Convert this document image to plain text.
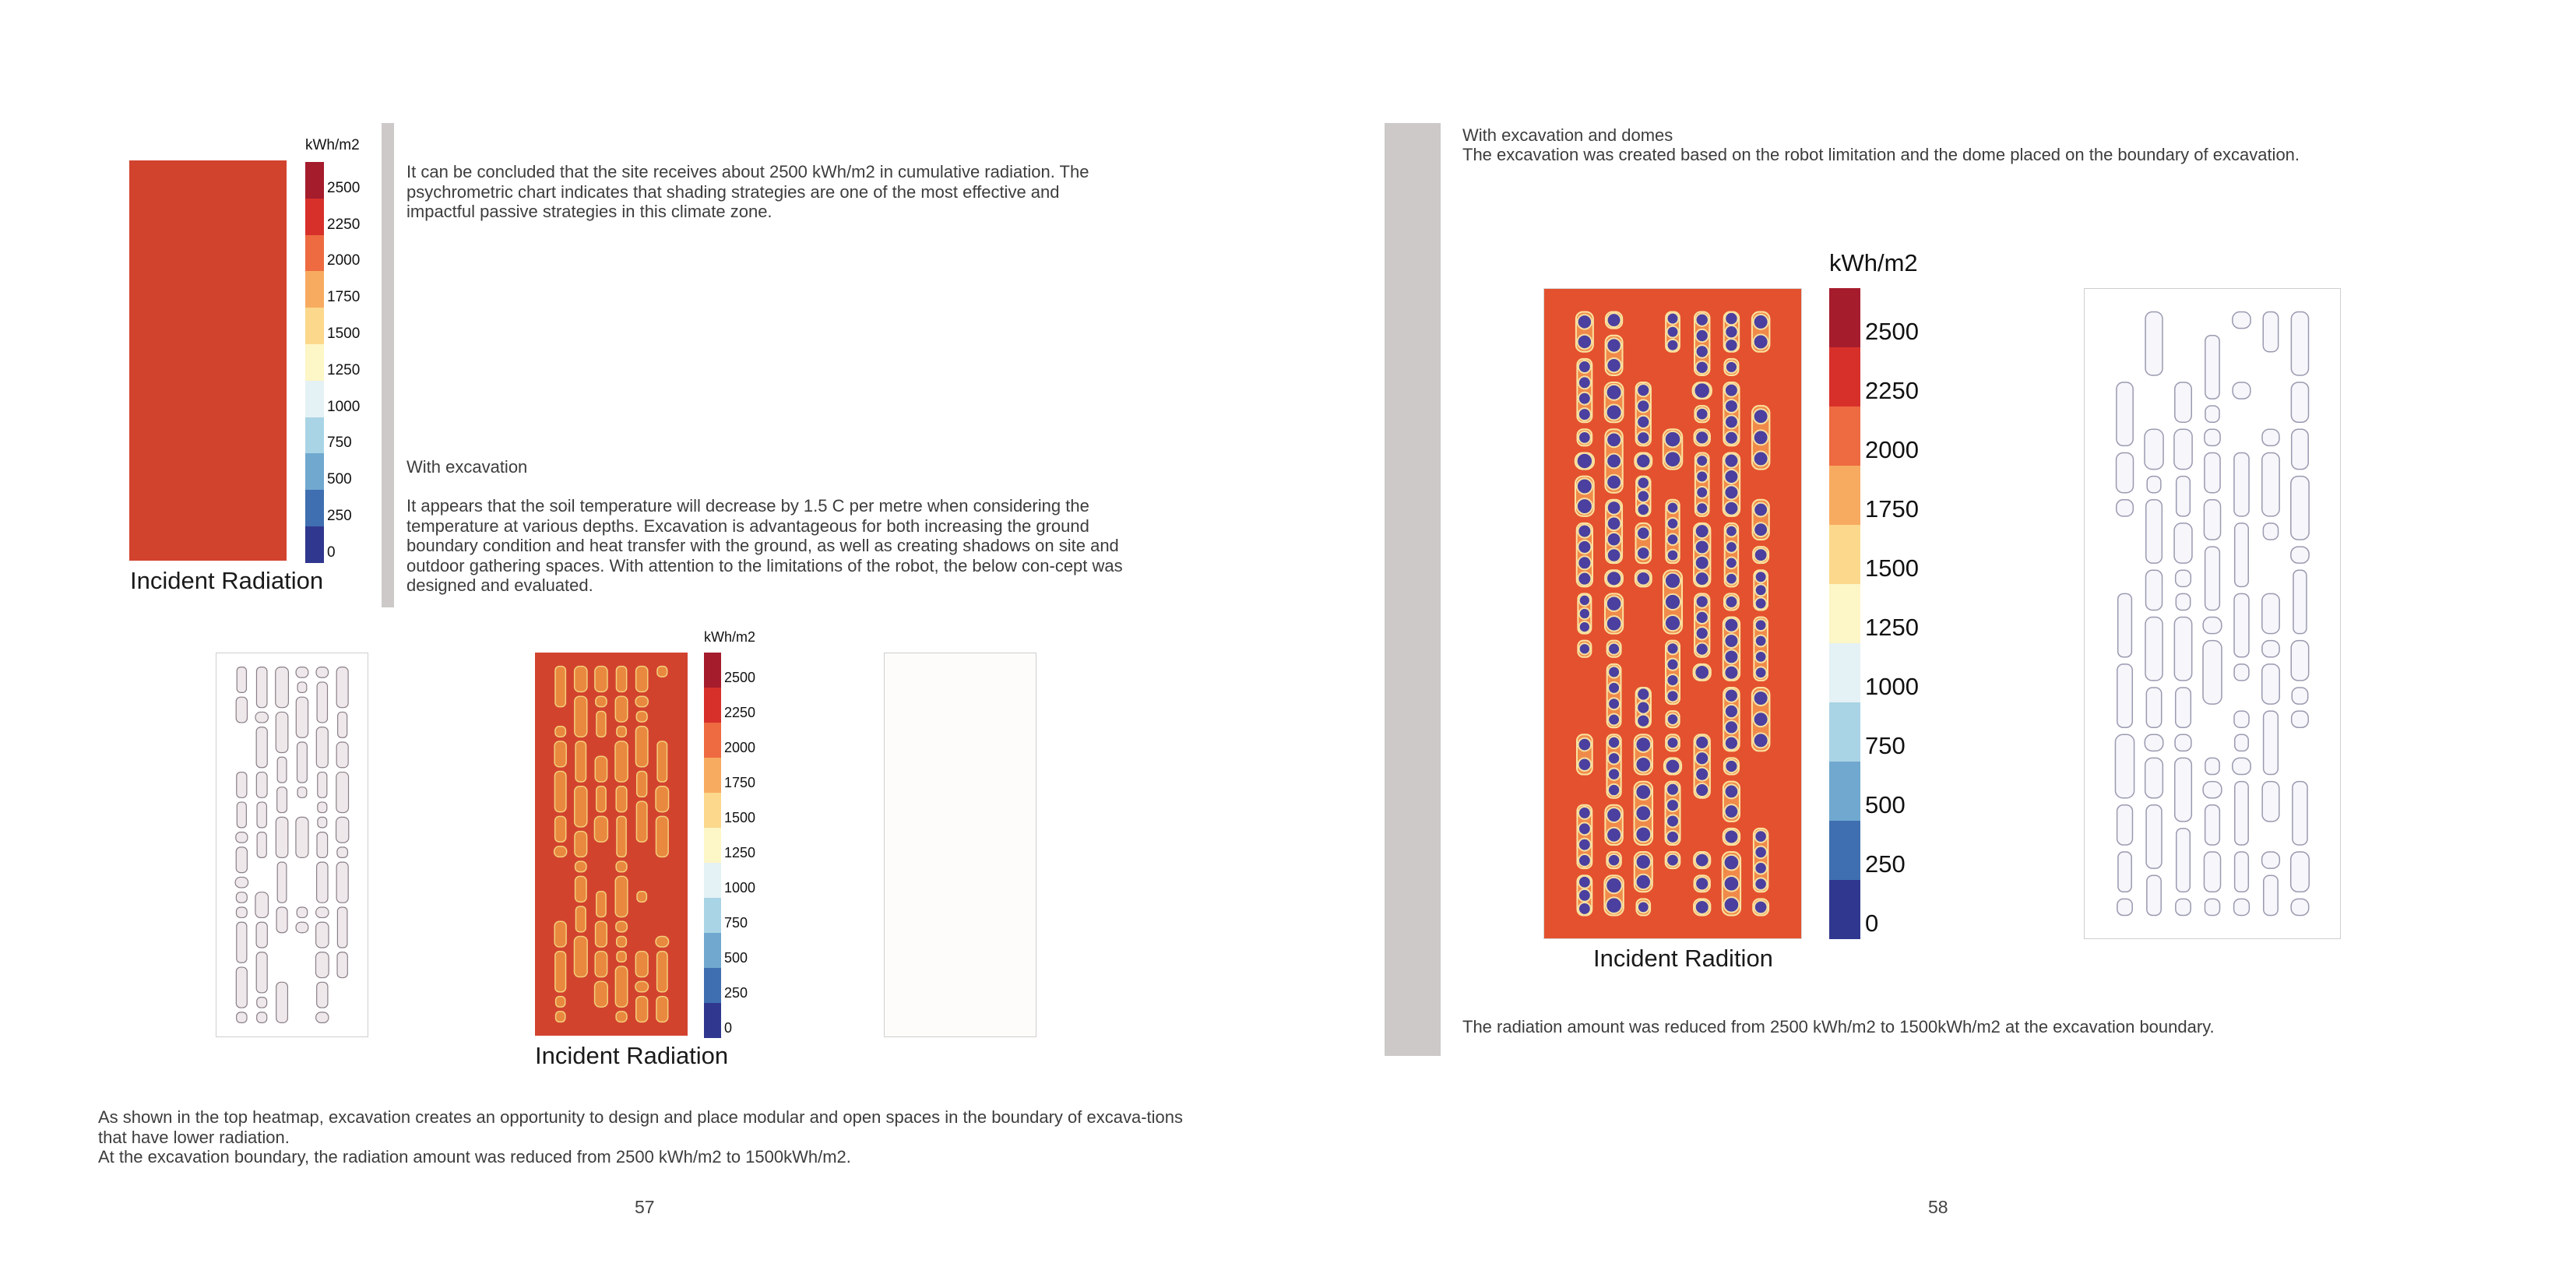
kWh/m2
2500
2250
2000
1750
1500
1250
1000
750
500
250
0
Incident Radiation

It can be concluded that the site receives about 2500 kWh/m2 in cumulative radiation. The psychrometric chart indicates that shading strategies are one of the most effective and impactful passive strategies in this climate zone.

With excavation

It appears that the soil temperature will decrease by 1.5 C per metre when considering the temperature at various depths. Excavation is advantageous for both increasing the ground boundary condition and heat transfer with the ground, as well as creating shadows on site and outdoor gathering spaces. With attention to the limitations of the robot, the below con-cept was designed and evaluated.

kWh/m2
2500
2250
2000
1750
1500
1250
1000
750
500
250
0
Incident Radiation

As shown in the top heatmap, excavation creates an opportunity to design and place modular and open spaces in the boundary of excava-tions that have lower radiation.

At the excavation boundary, the radiation amount was reduced from 2500 kWh/m2 to 1500kWh/m2.

57

With excavation and domes

The excavation was created based on the robot limitation and the dome placed on the boundary of excavation.

kWh/m2
2500
2250
2000
1750
1500
1250
1000
750
500
250
0
Incident Radition

The radiation amount was reduced from 2500 kWh/m2 to 1500kWh/m2 at the excavation boundary.

58
